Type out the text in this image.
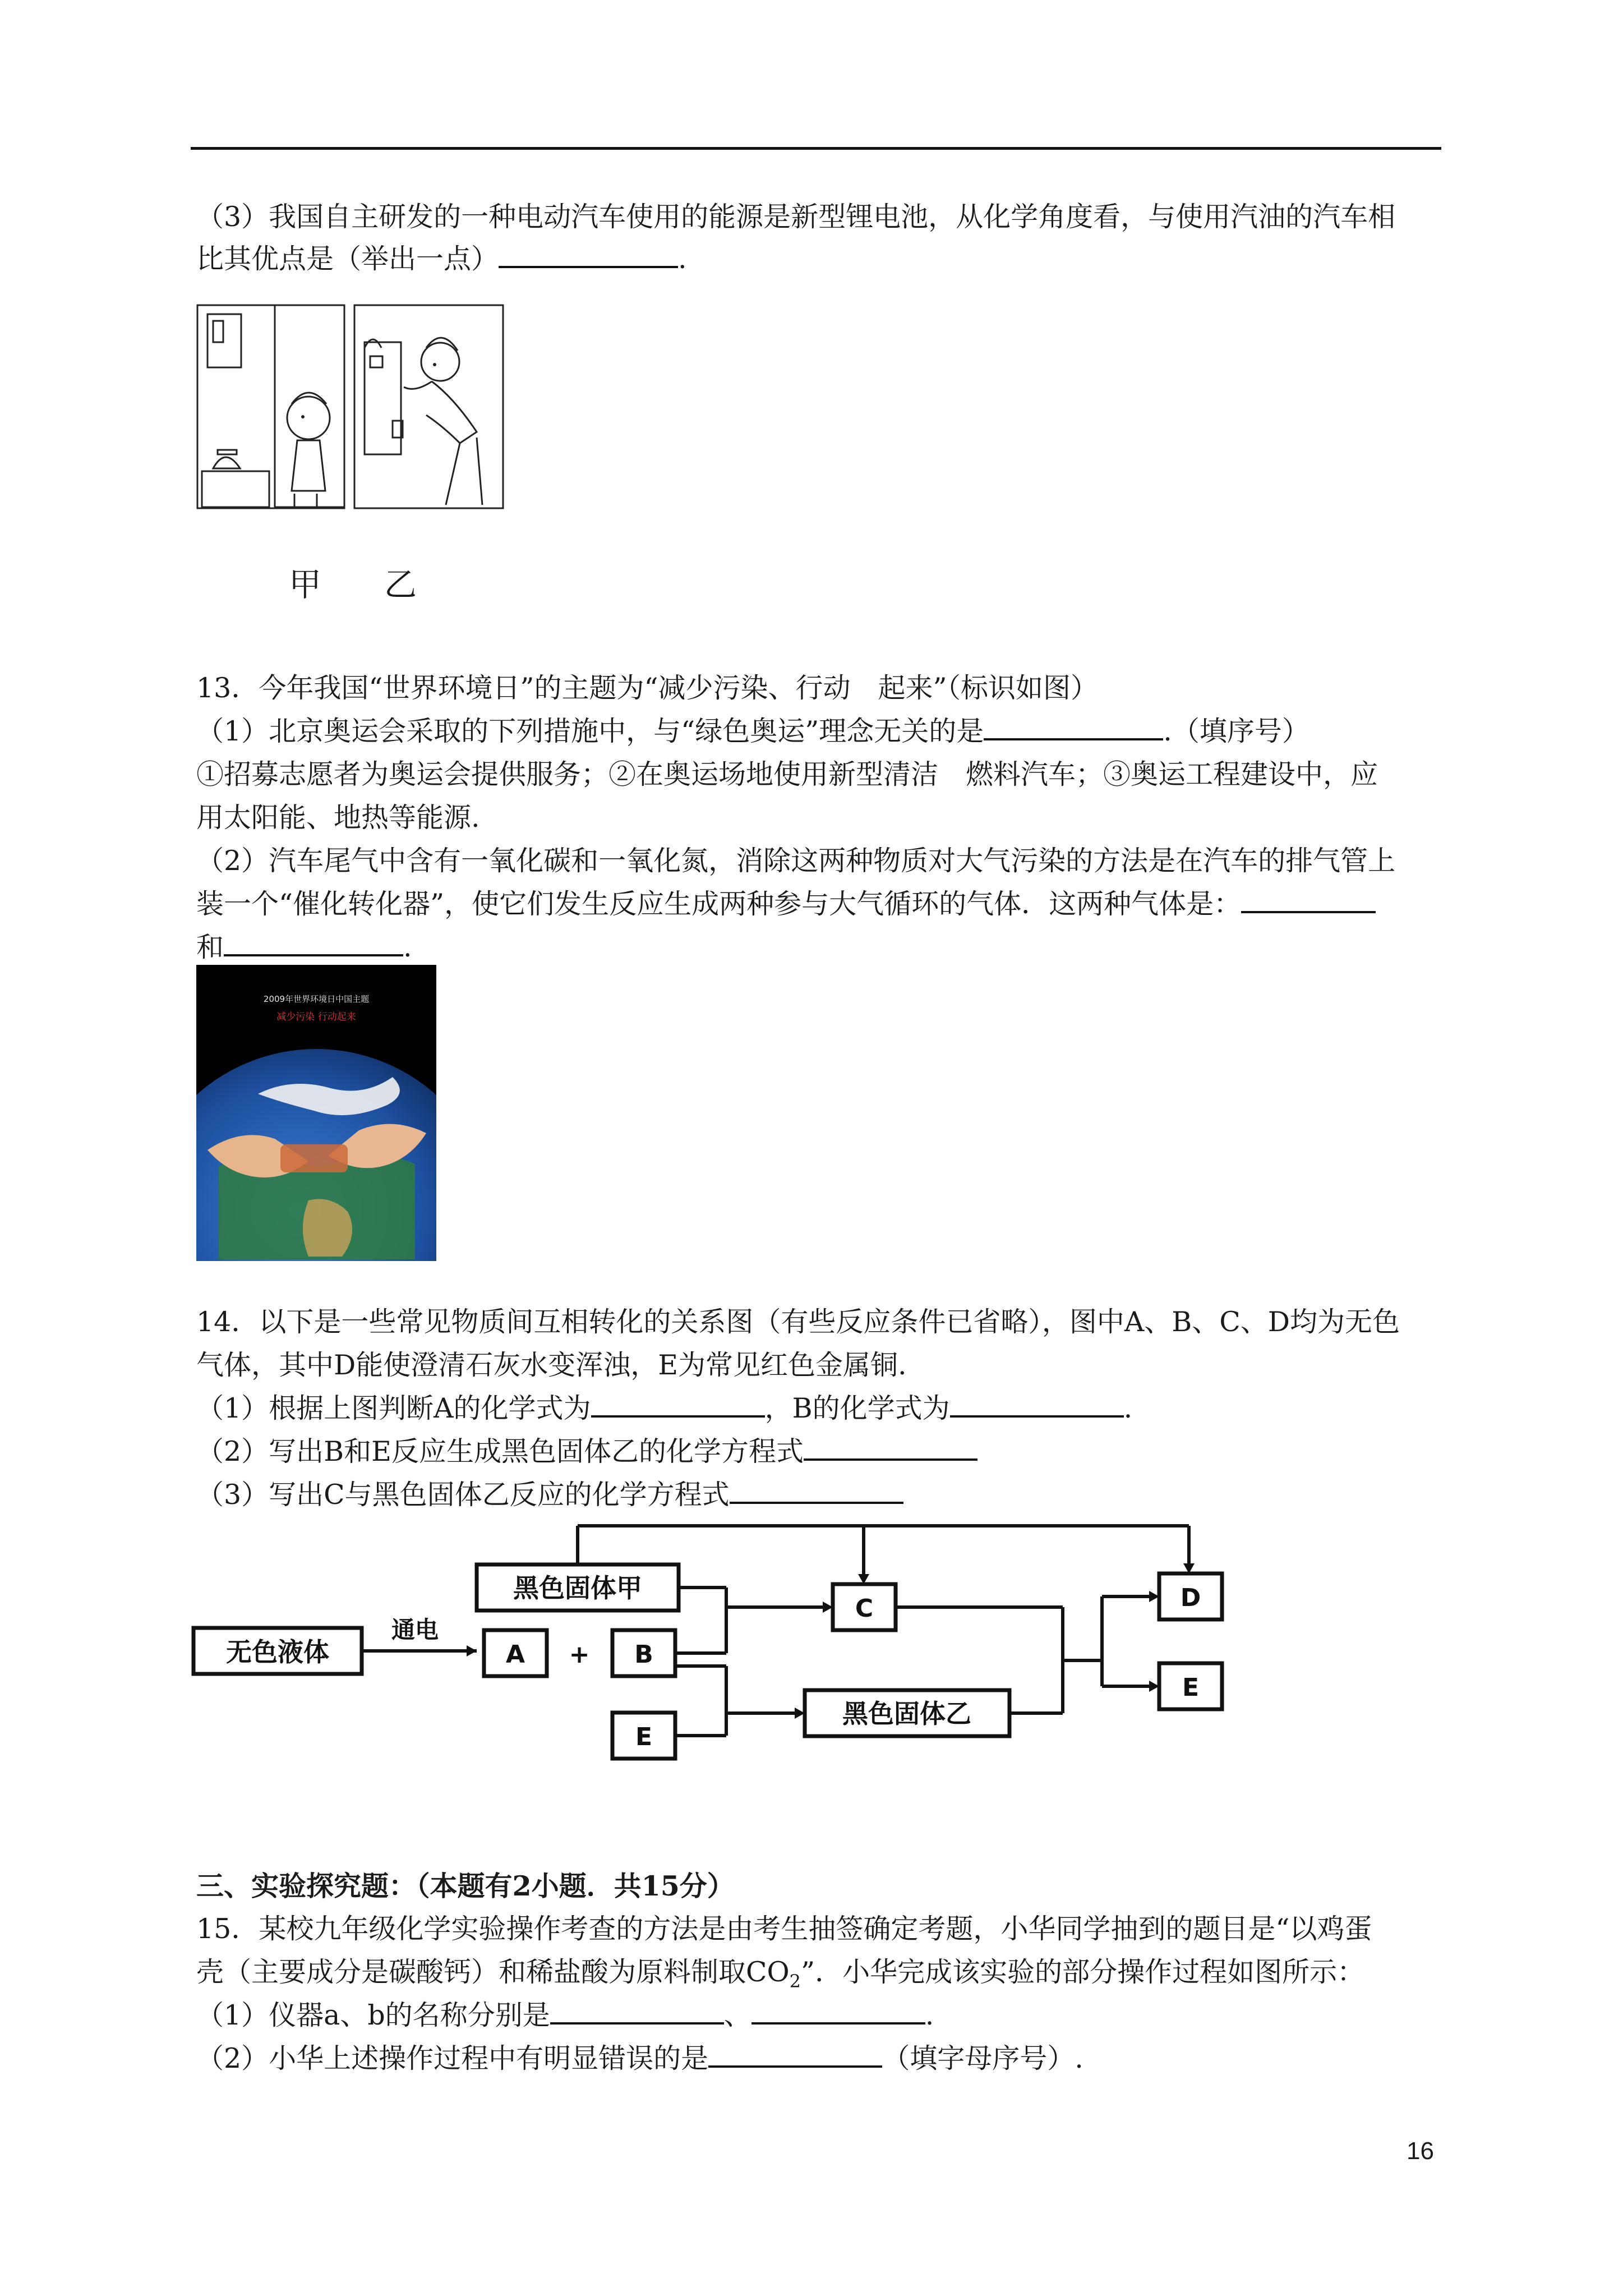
（3）我国自主研发的一种电动汽车使用的能源是新型锂电池，从化学角度看，与使用汽油的汽车相
比其优点是（举出一点）	.
甲 乙
13．今年我国“世界环境日”的主题为“减少污染、行动　起来”（标识如图）
（1）北京奥运会采取的下列措施中，与“绿色奥运”理念无关的是	.（填序号）
①招募志愿者为奥运会提供服务；②在奥运场地使用新型清洁　燃料汽车；③奥运工程建设中，应
用太阳能、地热等能源.
（2）汽车尾气中含有一氧化碳和一氧化氮，消除这两种物质对大气污染的方法是在汽车的排气管上
装一个“催化转化器”，使它们发生反应生成两种参与大气循环的气体．这两种气体是：
和	.
2009年世界环境日中国主题
减少污染 行动起来
14．以下是一些常见物质间互相转化的关系图（有些反应条件已省略），图中A、B、C、D均为无色
气体，其中D能使澄清石灰水变浑浊，E为常见红色金属铜.
（1）根据上图判断A的化学式为	，B的化学式为	.
（2）写出B和E反应生成黑色固体乙的化学方程式
（3）写出C与黑色固体乙反应的化学方程式
无色液体
通电
黑色固体甲
A + B
E
C
黑色固体乙
D
E
三、实验探究题：（本题有2小题．共15分）
15．某校九年级化学实验操作考查的方法是由考生抽签确定考题，小华同学抽到的题目是“以鸡蛋
壳（主要成分是碳酸钙）和稀盐酸为原料制取$CO_2$”．小华完成该实验的部分操作过程如图所示：
（1）仪器a、b的名称分别是	、	.
（2）小华上述操作过程中有明显错误的是	（填字母序号）.
16
